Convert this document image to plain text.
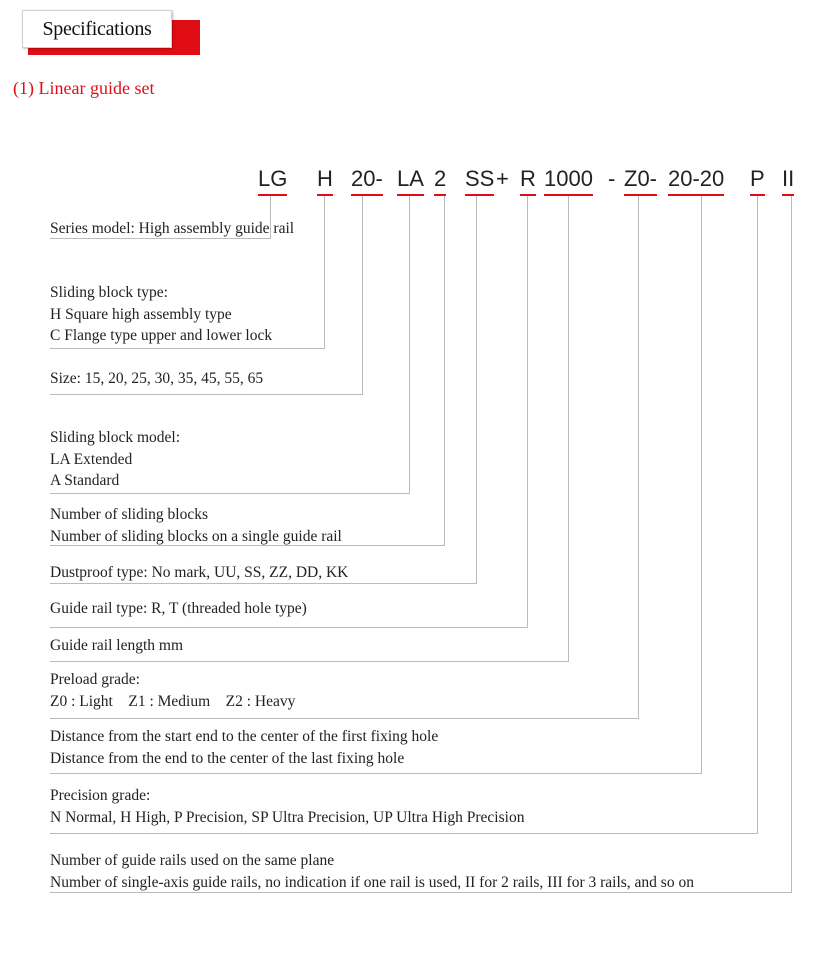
Specifications
(1) Linear guide set
LG H 20- LA 2 SS + R 1000 - Z0- 20-20 P II
Series model: High assembly guide rail
Sliding block type:
H Square high assembly type
C Flange type upper and lower lock
Size: 15, 20, 25, 30, 35, 45, 55, 65
Sliding block model:
LA Extended
A Standard
Number of sliding blocks
Number of sliding blocks on a single guide rail
Dustproof type: No mark, UU, SS, ZZ, DD, KK
Guide rail type: R, T (threaded hole type)
Guide rail length mm
Preload grade:
Z0 : Light    Z1 : Medium    Z2 : Heavy
Distance from the start end to the center of the first fixing hole
Distance from the end to the center of the last fixing hole
Precision grade:
N Normal, H High, P Precision, SP Ultra Precision, UP Ultra High Precision
Number of guide rails used on the same plane
Number of single-axis guide rails, no indication if one rail is used, II for 2 rails, III for 3 rails, and so on
